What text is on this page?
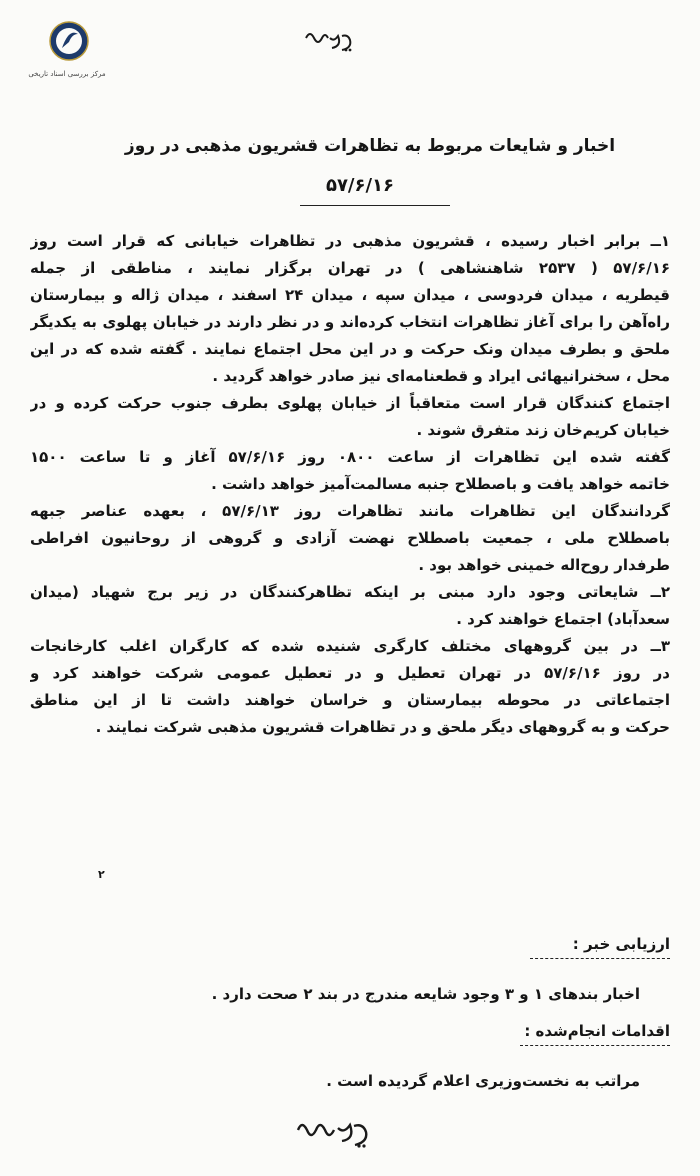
مرکز بررسی اسناد تاریخی
اخبار و شایعات مربوط به تظاهرات قشریون مذهبی در روز
۵۷/۶/۱۶
۱ــ برابر اخبار رسیده ، قشریون مذهبی در تظاهرات خیابانی که قرار است روز
۵۷/۶/۱۶ ( ۲۵۳۷ شاهنشاهی ) در تهران برگزار نمایند ، مناطقی از جمله
قیطریه ، میدان فردوسی ، میدان سپه ، میدان ۲۴ اسفند ، میدان ژاله و بیمارستان
راه‌آهن را برای آغاز تظاهرات انتخاب کرده‌اند و در نظر دارند در خیابان پهلوی به یکدیگر
ملحق و بطرف میدان ونک حرکت و در این محل اجتماع نمایند . گفته شده که در این
محل ، سخنرانیهائی ایراد و قطعنامه‌ای نیز صادر خواهد گردید .
اجتماع کنندگان قرار است متعاقباً از خیابان پهلوی بطرف جنوب حرکت کرده و در
خیابان کریم‌خان زند متفرق شوند .
گفته شده این تظاهرات از ساعت ۰۸۰۰ روز ۵۷/۶/۱۶ آغاز و تا ساعت ۱۵۰۰
خاتمه خواهد یافت و باصطلاح جنبه مسالمت‌آمیز خواهد داشت .
گردانندگان این تظاهرات مانند تظاهرات روز ۵۷/۶/۱۳ ، بعهده عناصر جبهه
باصطلاح ملی ، جمعیت باصطلاح نهضت آزادی و گروهی از روحانیون افراطی
طرفدار روح‌اله خمینی خواهد بود .
۲ــ شایعاتی وجود دارد مبنی بر اینکه تظاهرکنندگان در زیر برج شهیاد (میدان
سعدآباد) اجتماع خواهند کرد .
۳ــ در بین گروههای مختلف کارگری شنیده شده که کارگران اغلب کارخانجات
در روز ۵۷/۶/۱۶ در تهران تعطیل و در تعطیل عمومی شرکت خواهند کرد و
اجتماعاتی در محوطه بیمارستان و خراسان خواهند داشت تا از این مناطق
حرکت و به گروههای دیگر ملحق و در تظاهرات قشریون مذهبی شرکت نمایند .
۲
ارزیابی خبر :
اخبار بندهای ۱ و ۳ وجود شایعه مندرج در بند ۲ صحت دارد .
اقدامات انجام‌شده :
مراتب به نخست‌وزیری اعلام گردیده است .
